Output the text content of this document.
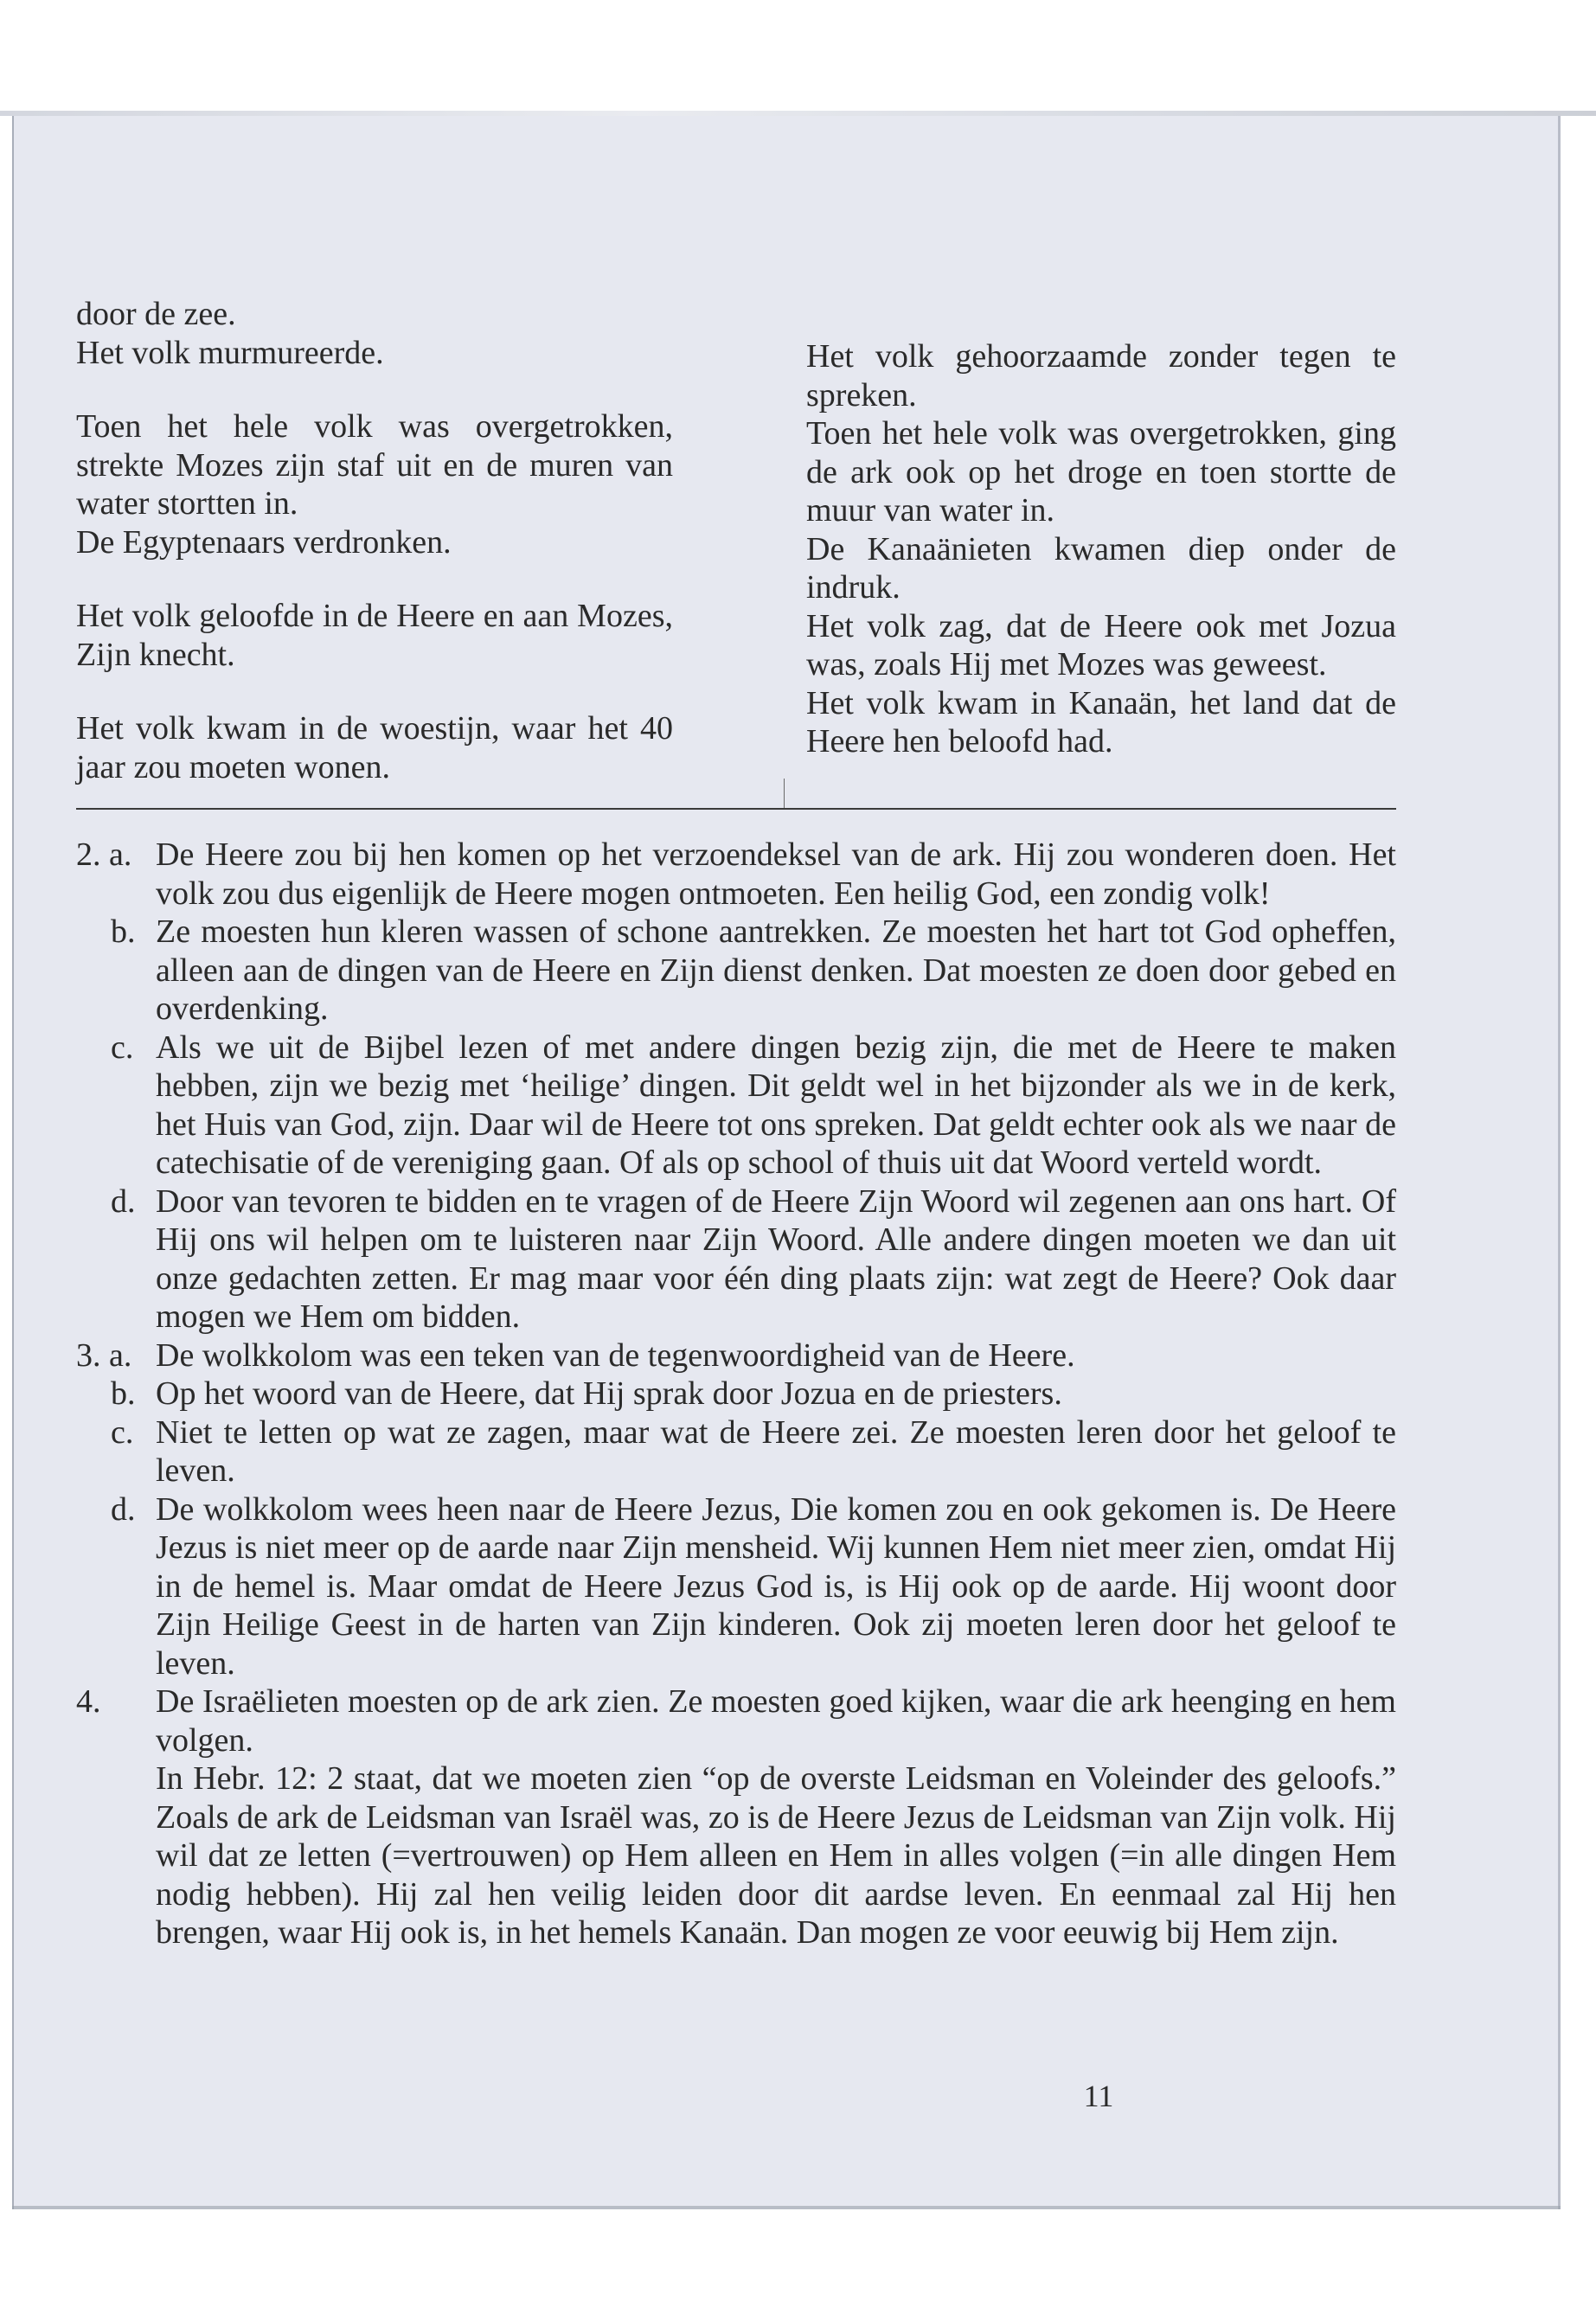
door de zee.

Het volk murmureerde.

Toen het hele volk was overgetrokken, strekte Mozes zijn staf uit en de muren van water stortten in.

De Egyptenaars verdronken.

Het volk geloofde in de Heere en aan Mozes, Zijn knecht.

Het volk kwam in de woestijn, waar het 40 jaar zou moeten wonen.

Het volk gehoorzaamde zonder tegen te spreken.

Toen het hele volk was overgetrokken, ging de ark ook op het droge en toen stortte de muur van water in.

De Kanaänieten kwamen diep onder de indruk.

Het volk zag, dat de Heere ook met Jozua was, zoals Hij met Mozes was geweest.

Het volk kwam in Kanaän, het land dat de Heere hen beloofd had.

2. a. De Heere zou bij hen komen op het verzoendeksel van de ark. Hij zou wonderen doen. Het volk zou dus eigenlijk de Heere mogen ontmoeten. Een heilig God, een zondig volk!
b. Ze moesten hun kleren wassen of schone aantrekken. Ze moesten het hart tot God opheffen, alleen aan de dingen van de Heere en Zijn dienst denken. Dat moesten ze doen door gebed en overdenking.
c. Als we uit de Bijbel lezen of met andere dingen bezig zijn, die met de Heere te maken hebben, zijn we bezig met ‘heilige’ dingen. Dit geldt wel in het bijzonder als we in de kerk, het Huis van God, zijn. Daar wil de Heere tot ons spreken. Dat geldt echter ook als we naar de catechisatie of de vereniging gaan. Of als op school of thuis uit dat Woord verteld wordt.
d. Door van tevoren te bidden en te vragen of de Heere Zijn Woord wil zegenen aan ons hart. Of Hij ons wil helpen om te luisteren naar Zijn Woord. Alle andere dingen moeten we dan uit onze gedachten zetten. Er mag maar voor één ding plaats zijn: wat zegt de Heere? Ook daar mogen we Hem om bidden.
3. a. De wolkkolom was een teken van de tegenwoordigheid van de Heere.
b. Op het woord van de Heere, dat Hij sprak door Jozua en de priesters.
c. Niet te letten op wat ze zagen, maar wat de Heere zei. Ze moesten leren door het geloof te leven.
d. De wolkkolom wees heen naar de Heere Jezus, Die komen zou en ook gekomen is. De Heere Jezus is niet meer op de aarde naar Zijn mensheid. Wij kunnen Hem niet meer zien, omdat Hij in de hemel is. Maar omdat de Heere Jezus God is, is Hij ook op de aarde. Hij woont door Zijn Heilige Geest in de harten van Zijn kinderen. Ook zij moeten leren door het geloof te leven.
4.	De Israëlieten moesten op de ark zien. Ze moesten goed kijken, waar die ark heenging en hem volgen.
In Hebr. 12: 2 staat, dat we moeten zien “op de overste Leidsman en Voleinder des geloofs.” Zoals de ark de Leidsman van Israël was, zo is de Heere Jezus de Leidsman van Zijn volk. Hij wil dat ze letten (=vertrouwen) op Hem alleen en Hem in alles volgen (=in alle dingen Hem nodig hebben). Hij zal hen veilig leiden door dit aardse leven. En eenmaal zal Hij hen brengen, waar Hij ook is, in het hemels Kanaän. Dan mogen ze voor eeuwig bij Hem zijn.
11
